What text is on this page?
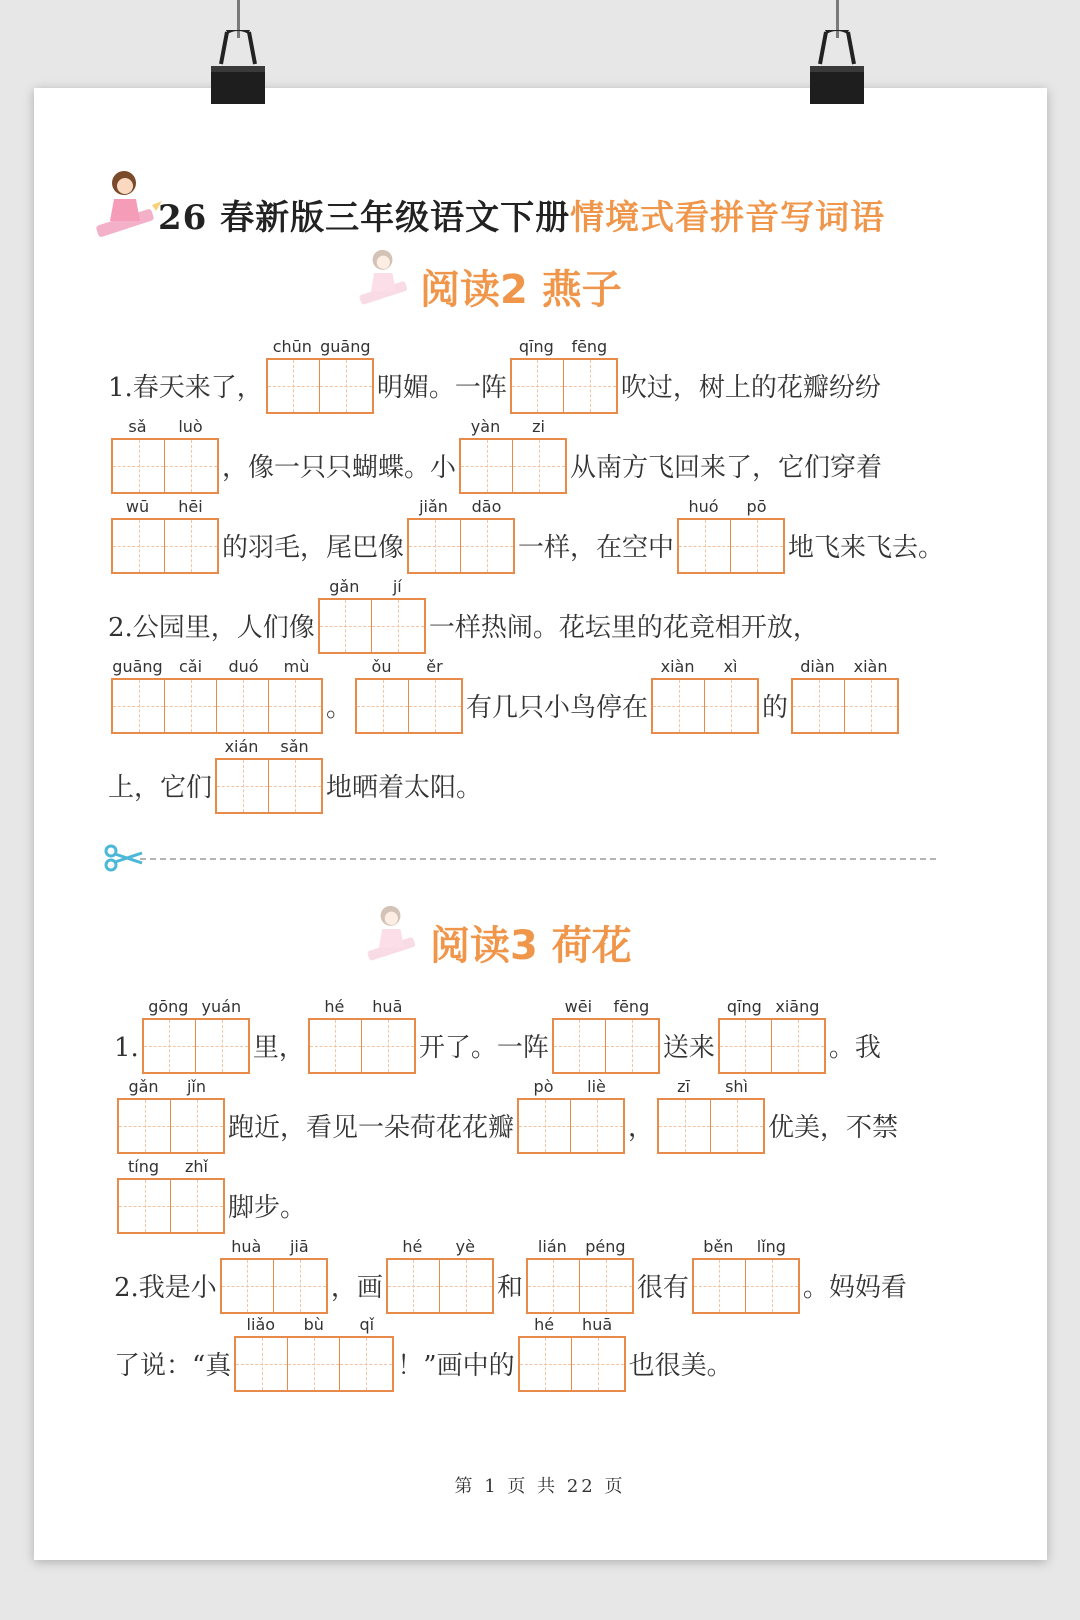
26 春新版三年级语文下册情境式看拼音写词语
阅读2 燕子
1.春天来了，
chūn guāng
明媚。一阵
qīng	fēng
吹过，树上的花瓣纷纷
sǎ	luò
，像一只只蝴蝶。小
yàn	zi
从南方飞回来了，它们穿着
wū	hēi
的羽毛，尾巴像
jiǎn	dāo
一样，在空中
huó	pō
地飞来飞去。
2.公园里，人们像
gǎn	jí
一样热闹。花坛里的花竞相开放，
guāng	cǎi	duó	mù
。
ǒu	ěr
有几只小鸟停在
xiàn	xì
的
diàn	xiàn
上，它们
xián	sǎn
地晒着太阳。
阅读3 荷花
1.
gōng yuán
里，
hé	huā
开了。一阵
wēi	fēng
送来
qīng xiāng
。我
gǎn	jǐn
跑近，看见一朵荷花花瓣
pò	liè
，
zī	shì
优美，不禁
tíng	zhǐ
脚步。
2.我是小
huà	jiā
，画
hé	yè
和
lián	péng
很有
běn	lǐng
。妈妈看
了说：“真
liǎo	bù	qǐ
！”画中的
hé	huā
也很美。
第 1 页 共 22 页
